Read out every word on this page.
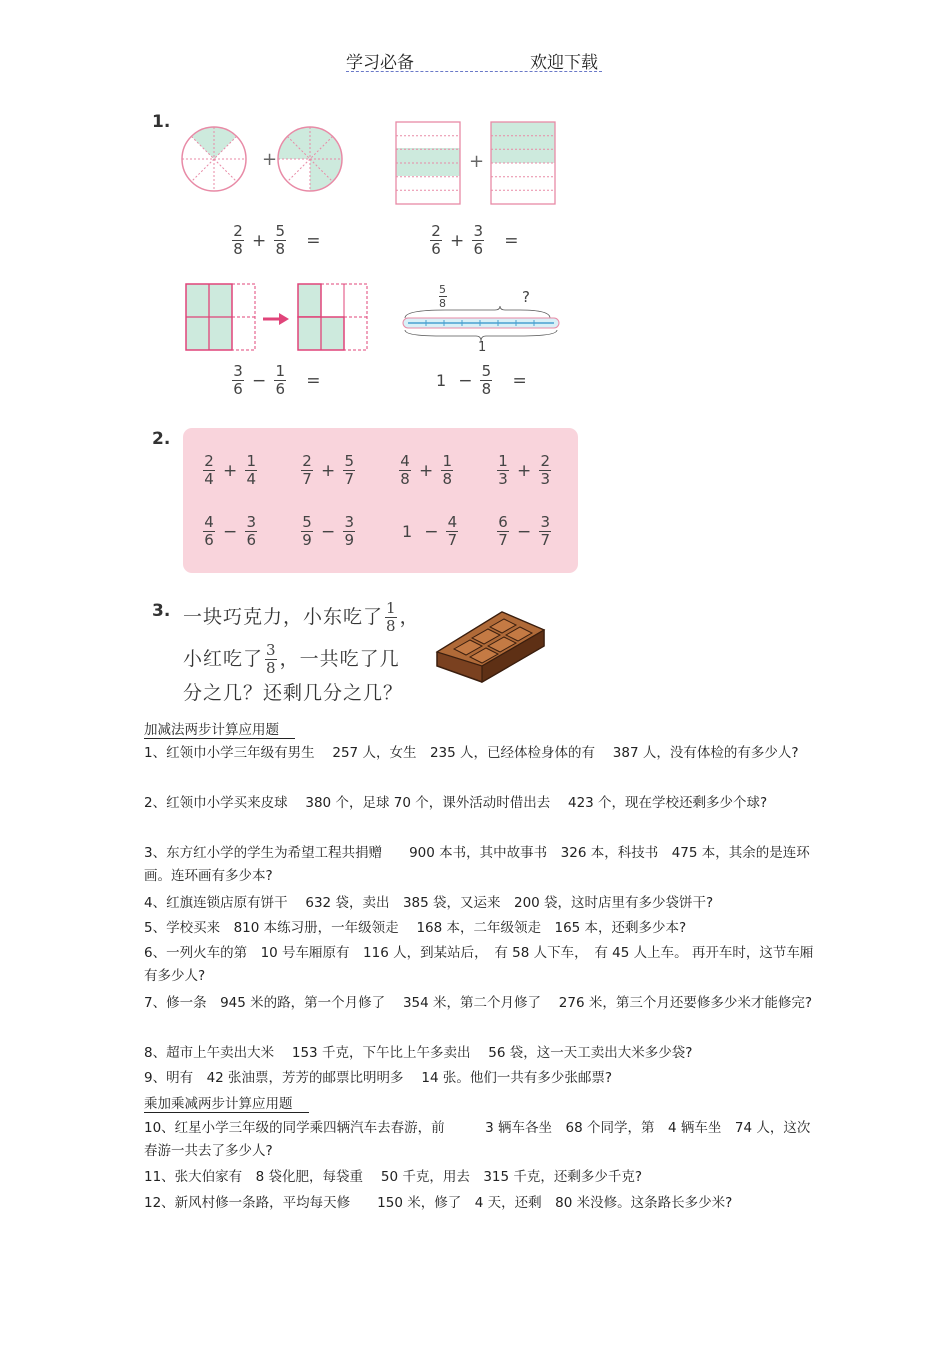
学习必备	欢迎下载
1.
+	+
$\frac{2}{8} + \frac{5}{8}$ =	$\frac{2}{6} + \frac{3}{6}$ =
$\frac{5}{8}$	?
1
$\frac{3}{6} - \frac{1}{6}$ =	$1 - \frac{5}{8}$ =
2.
$\frac{2}{4} + \frac{1}{4}$	$\frac{2}{7} + \frac{5}{7}$	$\frac{4}{8} + \frac{1}{8}$	$\frac{1}{3} + \frac{2}{3}$
$\frac{4}{6} - \frac{3}{6}$	$\frac{5}{9} - \frac{3}{9}$	$1 - \frac{4}{7}$	$\frac{6}{7} - \frac{3}{7}$
3. 一块巧克力，小东吃了 $\frac{1}{8}$ ，
小红吃了 $\frac{3}{8}$ ，一共吃了几
分之几？还剩几分之几？
加减法两步计算应用题
1、红领巾小学三年级有男生　 257 人，女生　235 人，已经体检身体的有　 387 人，没有体检的有多少人?
2、红领巾小学买来皮球　 380 个，足球 70 个，课外活动时借出去　 423 个，现在学校还剩多少个球?
3、东方红小学的学生为希望工程共捐赠　　900 本书，其中故事书　326 本，科技书　475 本，其余的是连环画。连环画有多少本?
4、红旗连锁店原有饼干　 632 袋，卖出　385 袋，又运来　200 袋，这时店里有多少袋饼干?
5、学校买来　810 本练习册，一年级领走　 168 本，二年级领走　165 本，还剩多少本?
6、一列火车的第　10 号车厢原有　116 人，到某站后，　有 58 人下车，　有 45 人上车。 再开车时，这节车厢有多少人?
7、修一条　945 米的路，第一个月修了　 354 米，第二个月修了　 276 米，第三个月还要修多少米才能修完?
8、超市上午卖出大米　 153 千克，下午比上午多卖出　 56 袋，这一天工卖出大米多少袋?
9、明有　42 张油票，芳芳的邮票比明明多　 14 张。他们一共有多少张邮票?
乘加乘减两步计算应用题
10、红星小学三年级的同学乘四辆汽车去春游，前　　　3 辆车各坐　68 个同学，第　4 辆车坐　74 人，这次春游一共去了多少人?
11、张大伯家有　8 袋化肥，每袋重　 50 千克，用去　315 千克，还剩多少千克?
12、新风村修一条路，平均每天修　　150 米，修了　4 天，还剩　80 米没修。这条路长多少米?
